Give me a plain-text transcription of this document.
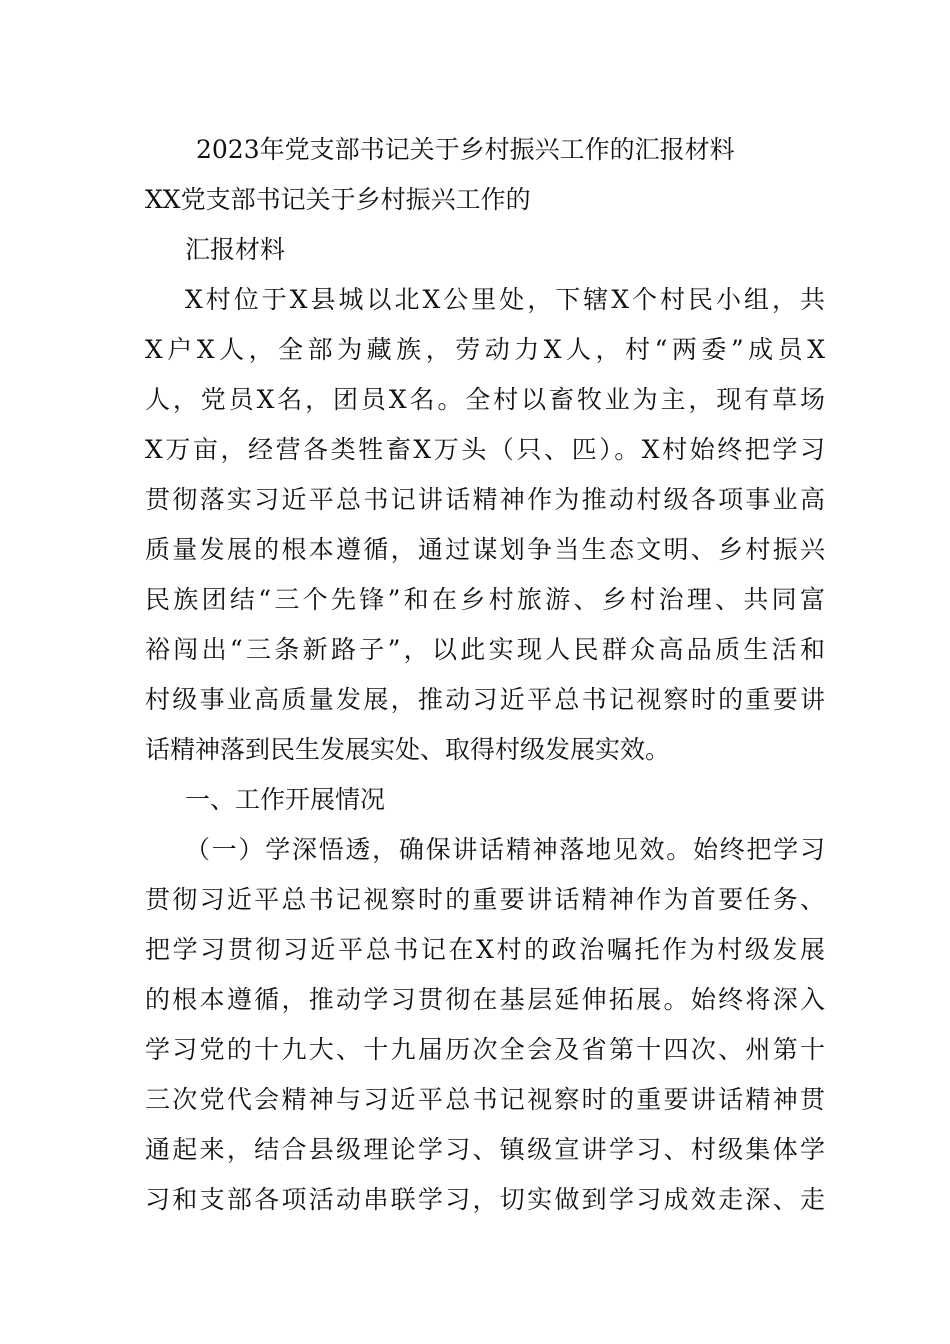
2023年党支部书记关于乡村振兴工作的汇报材料
XX党支部书记关于乡村振兴工作的
汇报材料
X村位于X县城以北X公里处，下辖X个村民小组，共
X户X人，全部为藏族，劳动力X人，村“两委”成员X
人，党员X名，团员X名。全村以畜牧业为主，现有草场
X万亩，经营各类牲畜X万头（只、匹）。X村始终把学习
贯彻落实习近平总书记讲话精神作为推动村级各项事业高
质量发展的根本遵循，通过谋划争当生态文明、乡村振兴
民族团结“三个先锋”和在乡村旅游、乡村治理、共同富
裕闯出“三条新路子”，以此实现人民群众高品质生活和
村级事业高质量发展，推动习近平总书记视察时的重要讲
话精神落到民生发展实处、取得村级发展实效。
一、工作开展情况
（一）学深悟透，确保讲话精神落地见效。始终把学习
贯彻习近平总书记视察时的重要讲话精神作为首要任务、
把学习贯彻习近平总书记在X村的政治嘱托作为村级发展
的根本遵循，推动学习贯彻在基层延伸拓展。始终将深入
学习党的十九大、十九届历次全会及省第十四次、州第十
三次党代会精神与习近平总书记视察时的重要讲话精神贯
通起来，结合县级理论学习、镇级宣讲学习、村级集体学
习和支部各项活动串联学习，切实做到学习成效走深、走
